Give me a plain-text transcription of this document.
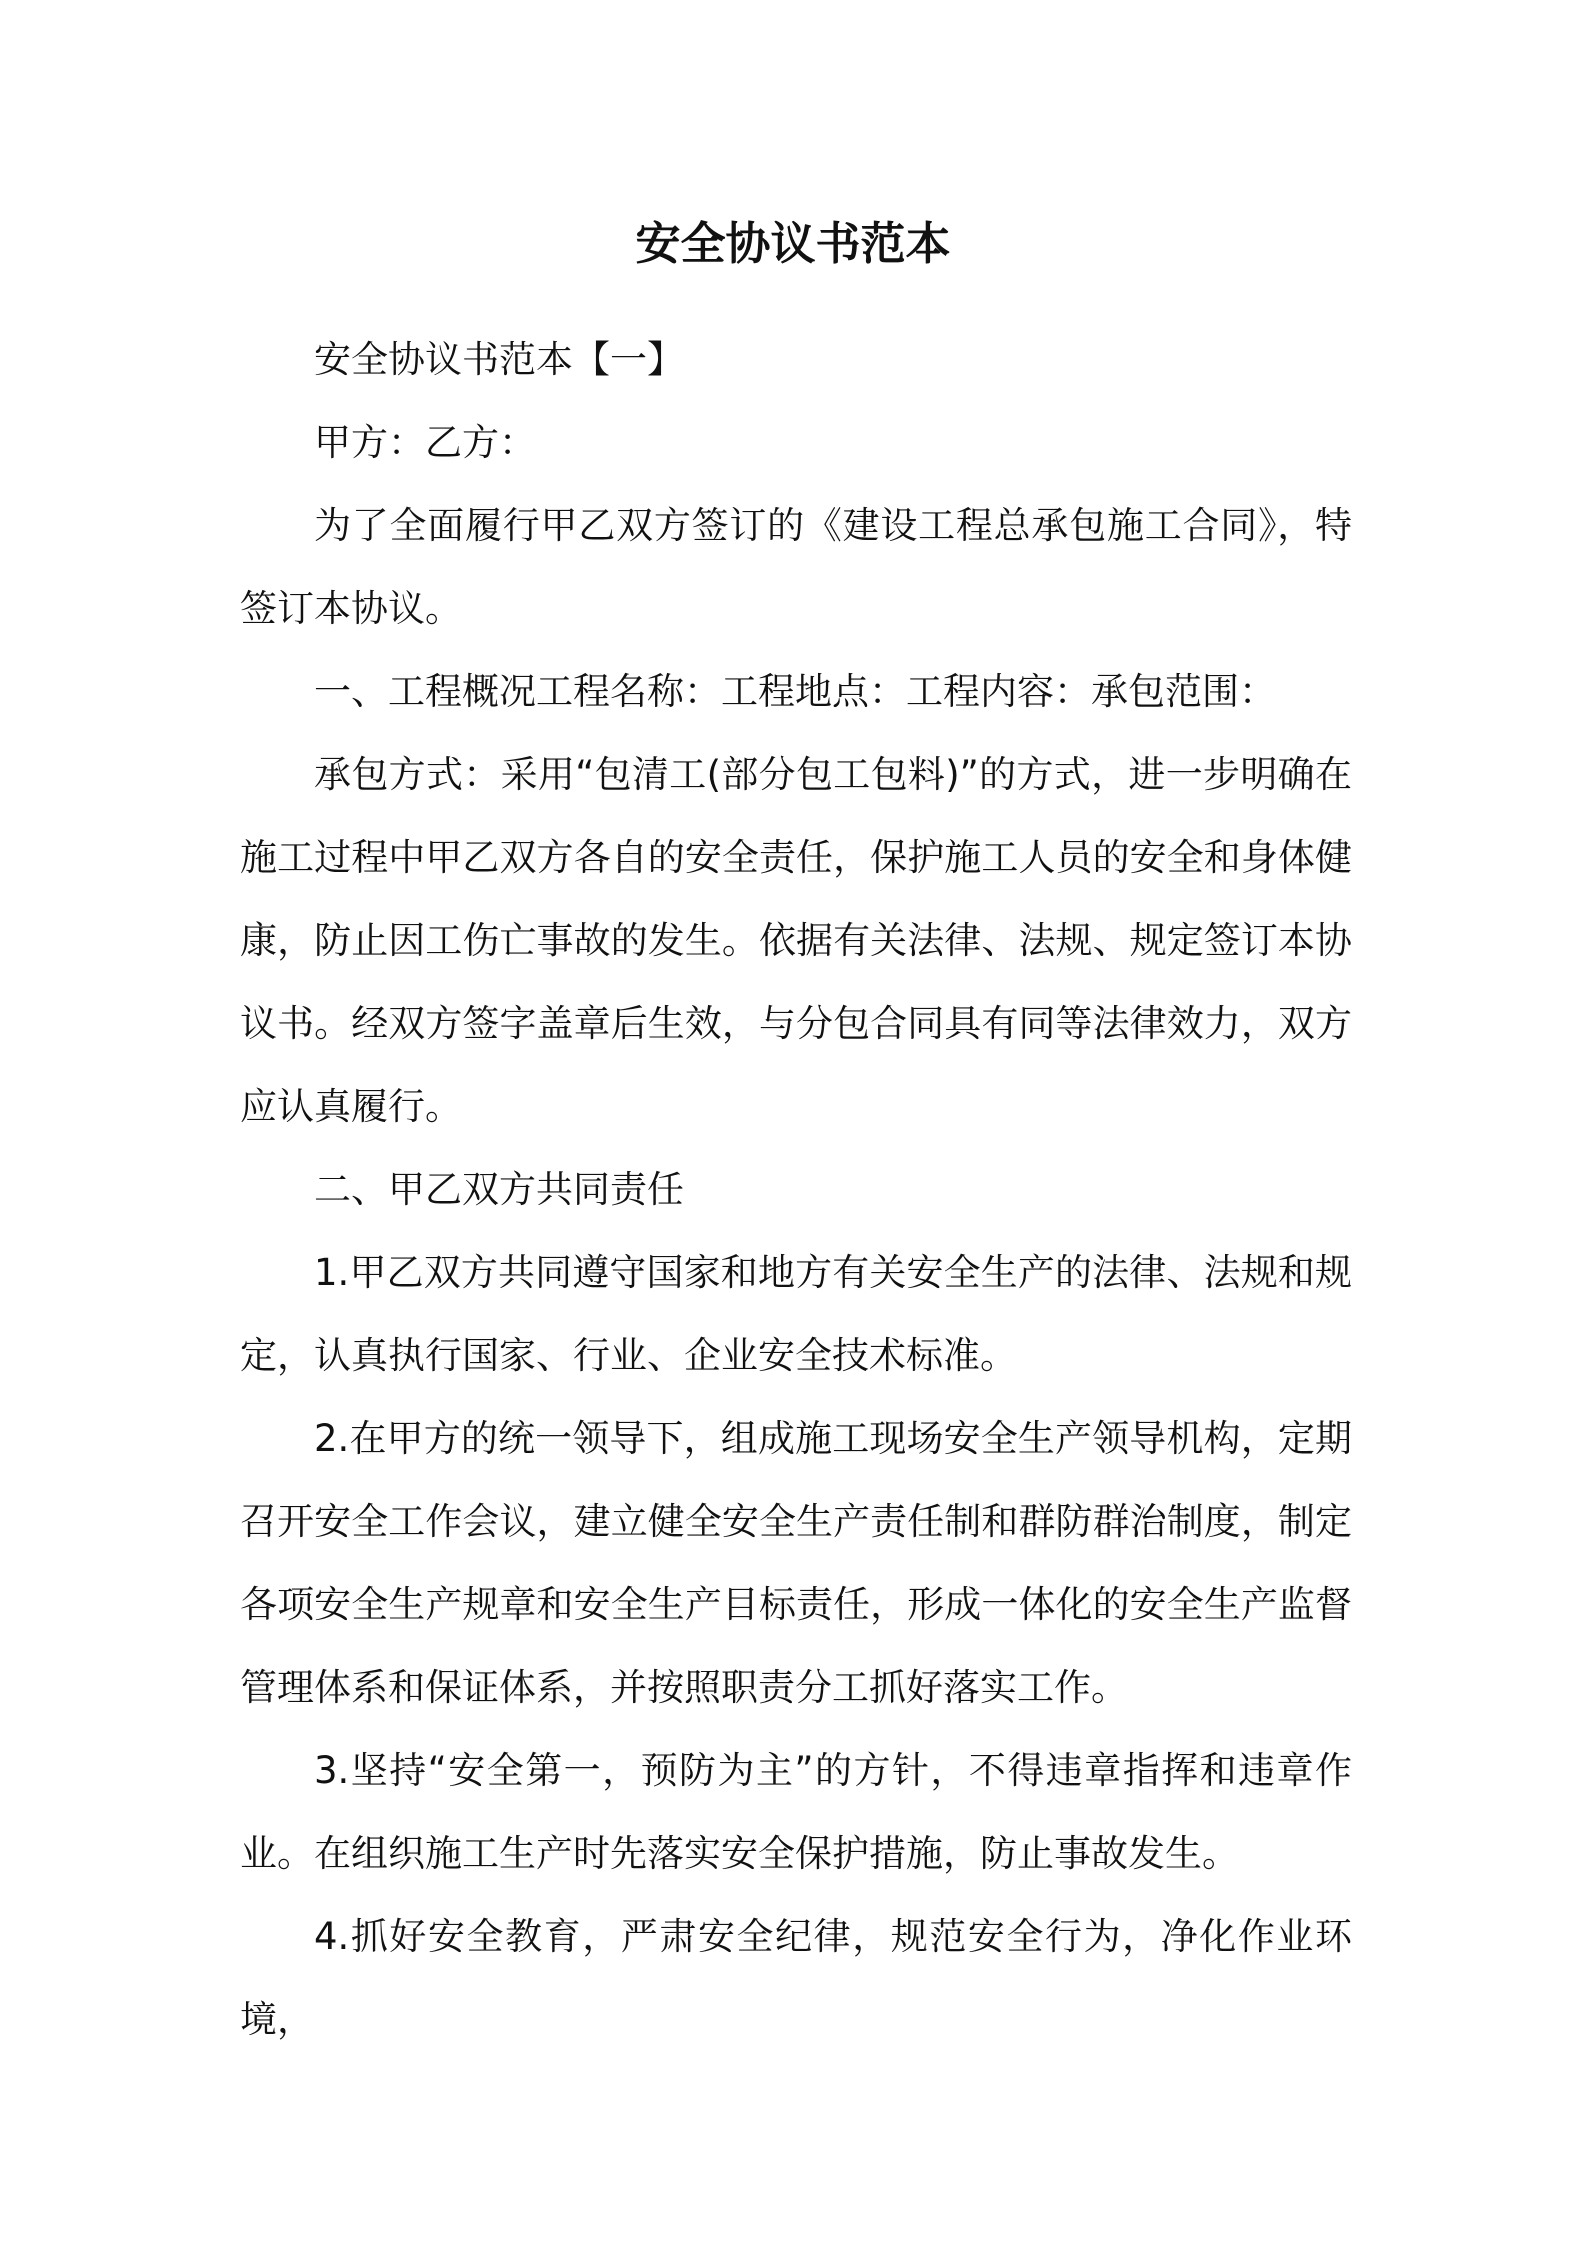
安全协议书范本

安全协议书范本【一】

甲方：乙方：

为了全面履行甲乙双方签订的《建设工程总承包施工合同》，特签订本协议。

一、工程概况工程名称：工程地点：工程内容：承包范围：

承包方式：采用“包清工(部分包工包料)”的方式，进一步明确在施工过程中甲乙双方各自的安全责任，保护施工人员的安全和身体健康，防止因工伤亡事故的发生。依据有关法律、法规、规定签订本协议书。经双方签字盖章后生效，与分包合同具有同等法律效力，双方应认真履行。

二、甲乙双方共同责任

1.甲乙双方共同遵守国家和地方有关安全生产的法律、法规和规定，认真执行国家、行业、企业安全技术标准。

2.在甲方的统一领导下，组成施工现场安全生产领导机构，定期召开安全工作会议，建立健全安全生产责任制和群防群治制度，制定各项安全生产规章和安全生产目标责任，形成一体化的安全生产监督管理体系和保证体系，并按照职责分工抓好落实工作。

3.坚持“安全第一，预防为主”的方针，不得违章指挥和违章作业。在组织施工生产时先落实安全保护措施，防止事故发生。

4.抓好安全教育，严肃安全纪律，规范安全行为，净化作业环境，
